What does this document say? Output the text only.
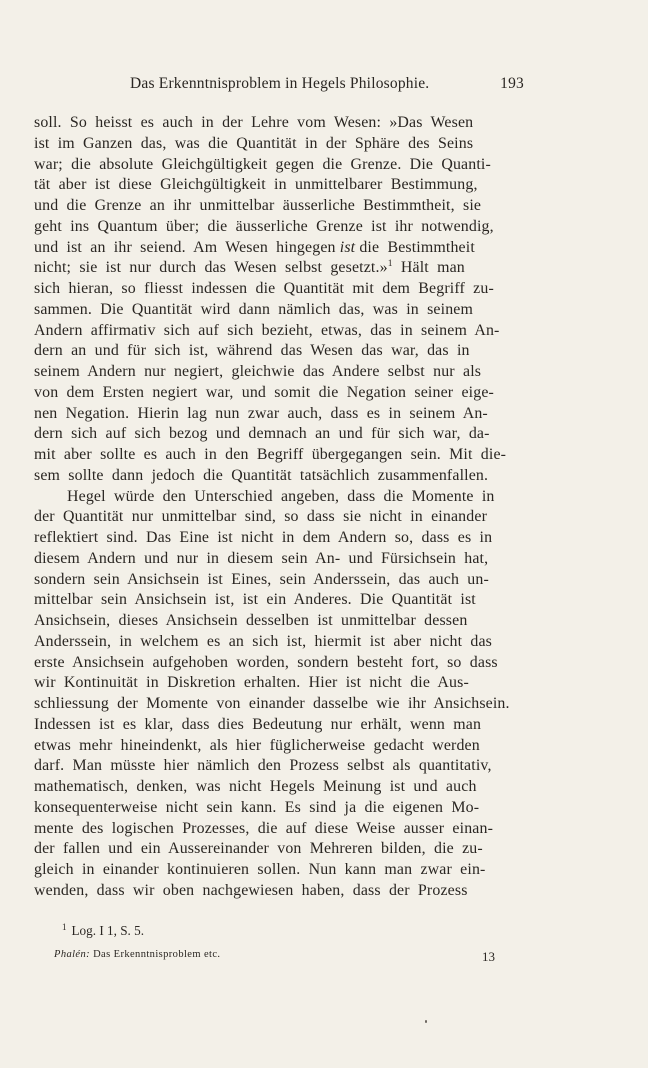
Das Erkenntnisproblem in Hegels Philosophie.	193
soll.  So  heisst  es  auch  in  der  Lehre  vom  Wesen:  »Das  Wesen
ist  im  Ganzen  das,  was  die  Quantität  in  der  Sphäre  des  Seins
war;  die  absolute  Gleichgültigkeit  gegen  die  Grenze.  Die  Quanti-
tät  aber  ist  diese  Gleichgültigkeit  in  unmittelbarer  Bestimmung,
und  die  Grenze  an  ihr  unmittelbar  äusserliche  Bestimmtheit,  sie
geht  ins  Quantum  über;  die  äusserliche  Grenze  ist  ihr  notwendig,
und  ist  an  ihr  seiend.  Am  Wesen  hingegen ist die  Bestimmtheit
nicht;  sie  ist  nur  durch  das  Wesen  selbst  gesetzt.»$^1$  Hält  man
sich  hieran,  so  fliesst  indessen  die  Quantität  mit  dem  Begriff  zu-
sammen.  Die  Quantität  wird  dann  nämlich  das,  was  in  seinem
Andern  affirmativ  sich  auf  sich  bezieht,  etwas,  das  in  seinem  An-
dern  an  und  für  sich  ist,  während  das  Wesen  das  war,  das  in
seinem  Andern  nur  negiert,  gleichwie  das  Andere  selbst  nur  als
von  dem  Ersten  negiert  war,  und  somit  die  Negation  seiner  eige-
nen  Negation.  Hierin  lag  nun  zwar  auch,  dass  es  in  seinem  An-
dern  sich  auf  sich  bezog  und  demnach  an  und  für  sich  war,  da-
mit  aber  sollte  es  auch  in  den  Begriff  übergegangen  sein.  Mit  die-
sem  sollte  dann  jedoch  die  Quantität  tatsächlich  zusammenfallen.
Hegel  würde  den  Unterschied  angeben,  dass  die  Momente  in
der  Quantität  nur  unmittelbar  sind,  so  dass  sie  nicht  in  einander
reflektiert  sind.  Das  Eine  ist  nicht  in  dem  Andern  so,  dass  es  in
diesem  Andern  und  nur  in  diesem  sein  An-  und  Fürsichsein  hat,
sondern  sein  Ansichsein  ist  Eines,  sein  Anderssein,  das  auch  un-
mittelbar  sein  Ansichsein  ist,  ist  ein  Anderes.  Die  Quantität  ist
Ansichsein,  dieses  Ansichsein  desselben  ist  unmittelbar  dessen
Anderssein,  in  welchem  es  an  sich  ist,  hiermit  ist  aber  nicht  das
erste  Ansichsein  aufgehoben  worden,  sondern  besteht  fort,  so  dass
wir  Kontinuität  in  Diskretion  erhalten.  Hier  ist  nicht  die  Aus-
schliessung  der  Momente  von  einander  dasselbe  wie  ihr  Ansichsein.
Indessen  ist  es  klar,  dass  dies  Bedeutung  nur  erhält,  wenn  man
etwas  mehr  hineindenkt,  als  hier  füglicherweise  gedacht  werden
darf.  Man  müsste  hier  nämlich  den  Prozess  selbst  als  quantitativ,
mathematisch,  denken,  was  nicht  Hegels  Meinung  ist  und  auch
konsequenterweise  nicht  sein  kann.  Es  sind  ja  die  eigenen  Mo-
mente  des  logischen  Prozesses,  die  auf  diese  Weise  ausser  einan-
der  fallen  und  ein  Aussereinander  von  Mehreren  bilden,  die  zu-
gleich  in  einander  kontinuieren  sollen.  Nun  kann  man  zwar  ein-
wenden,  dass  wir  oben  nachgewiesen  haben,  dass  der  Prozess
$^1$ Log. I 1, S. 5.
Phalén: Das Erkenntnisproblem etc.	13
